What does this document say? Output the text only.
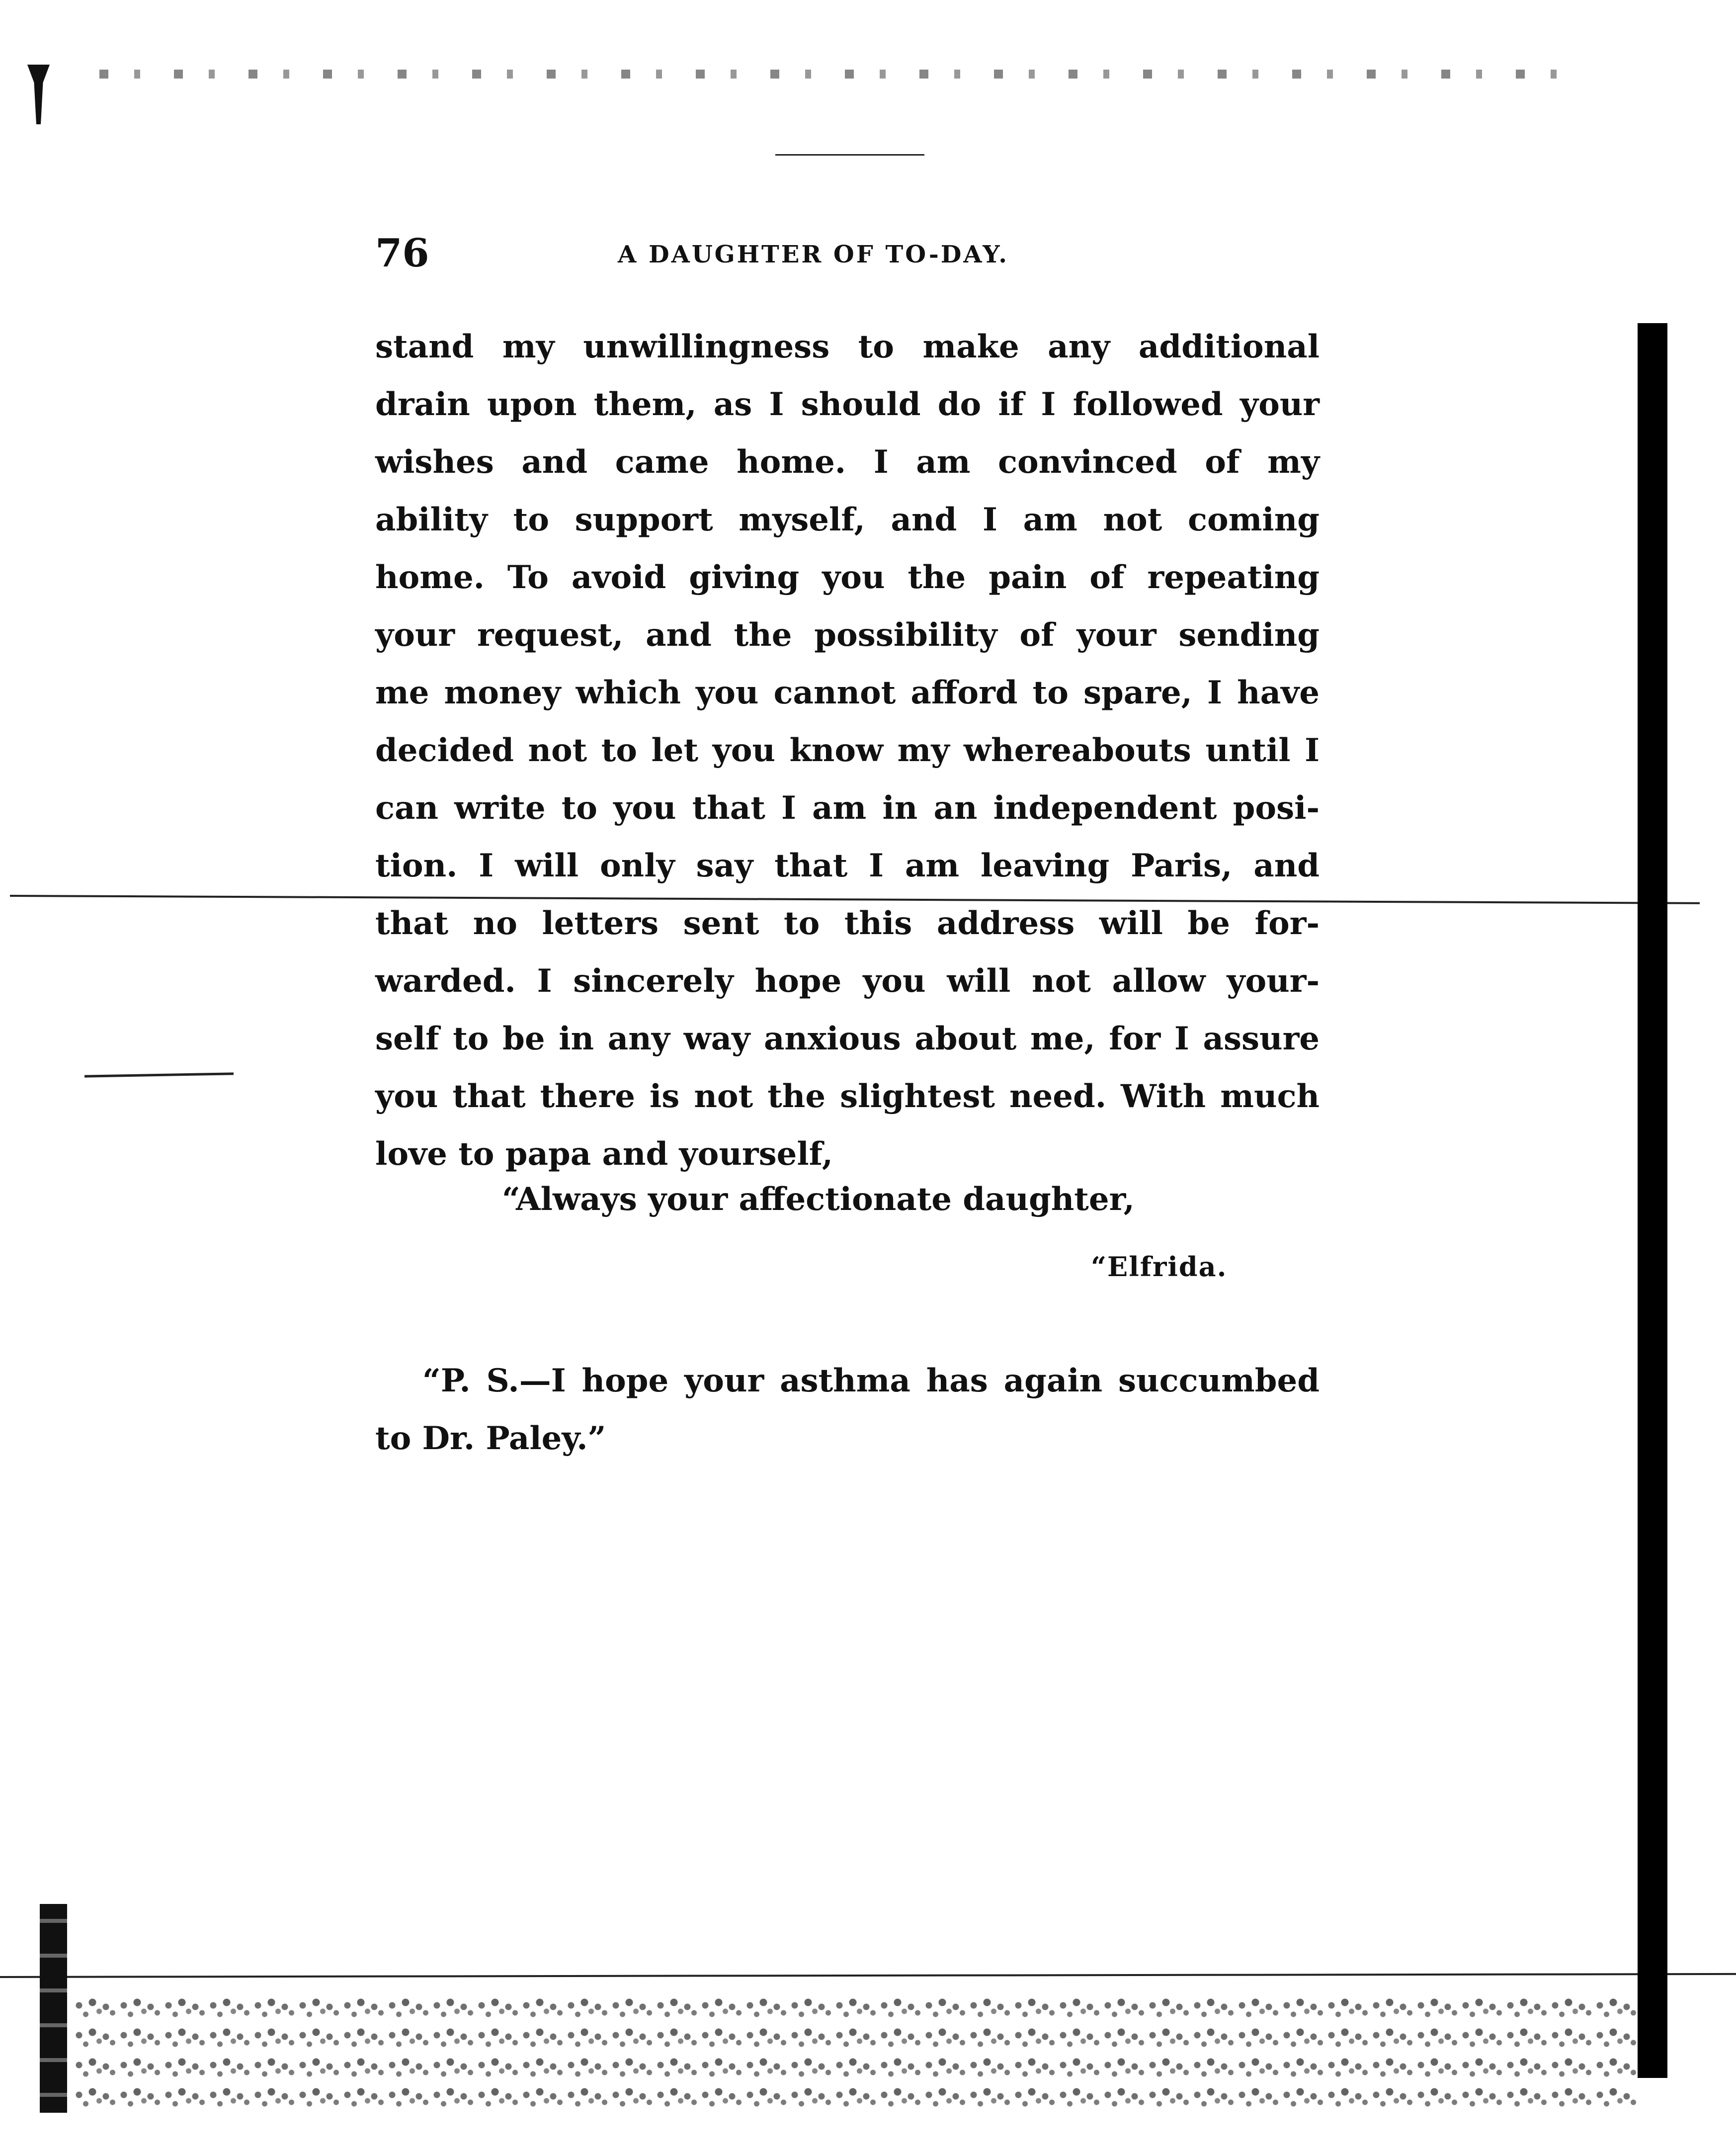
76	A DAUGHTER OF TO-DAY.
stand my unwillingness to make any additional
drain upon them, as I should do if I followed your
wishes and came home. I am convinced of my
ability to support myself, and I am not coming
home. To avoid giving you the pain of repeating
your request, and the possibility of your sending
me money which you cannot afford to spare, I have
decided not to let you know my whereabouts until I
can write to you that I am in an independent posi-
tion. I will only say that I am leaving Paris, and
that no letters sent to this address will be for-
warded. I sincerely hope you will not allow your-
self to be in any way anxious about me, for I assure
you that there is not the slightest need. With much
love to papa and yourself,
“Always your affectionate daughter,
“Elfrida.
“P. S.—I hope your asthma has again succumbed
to Dr. Paley.”
